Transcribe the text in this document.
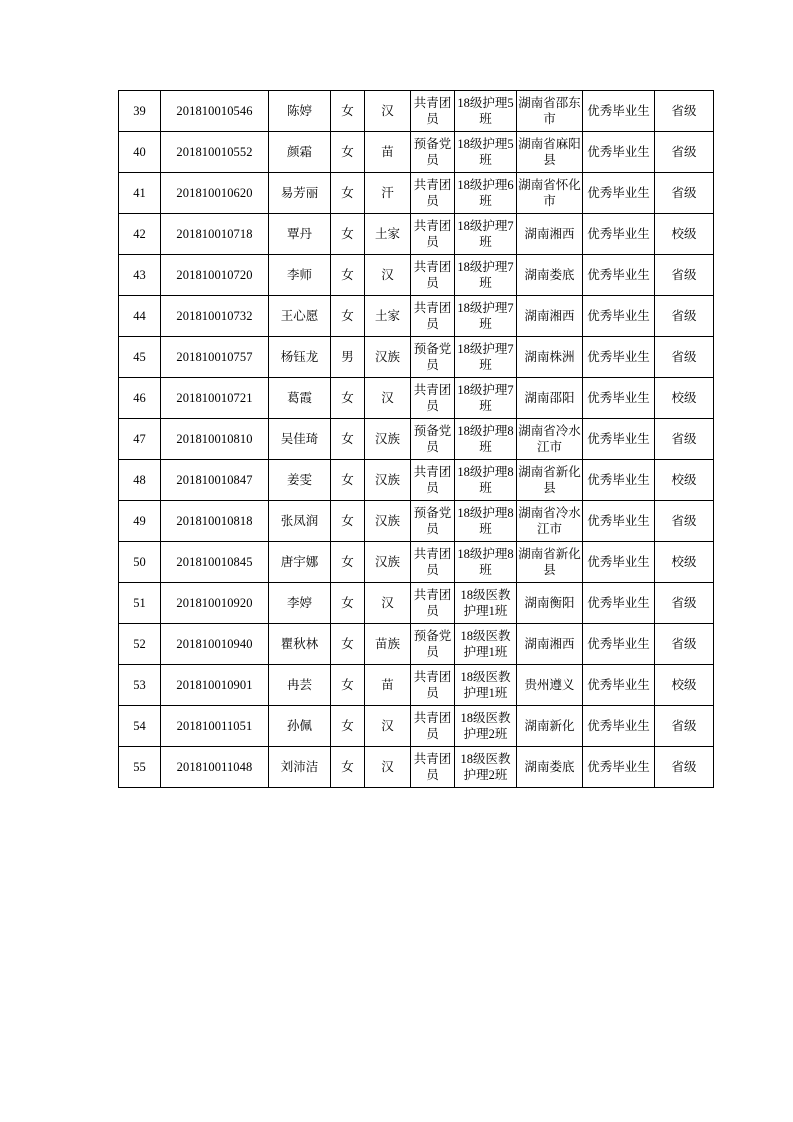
39	201810010546	陈婷	女	汉	共青团员	18级护理5班	湖南省邵东市	优秀毕业生	省级
40	201810010552	颜霜	女	苗	预备党员	18级护理5班	湖南省麻阳县	优秀毕业生	省级
41	201810010620	易芳丽	女	汗	共青团员	18级护理6班	湖南省怀化市	优秀毕业生	省级
42	201810010718	覃丹	女	土家	共青团员	18级护理7班	湖南湘西	优秀毕业生	校级
43	201810010720	李师	女	汉	共青团员	18级护理7班	湖南娄底	优秀毕业生	省级
44	201810010732	王心愿	女	土家	共青团员	18级护理7班	湖南湘西	优秀毕业生	省级
45	201810010757	杨钰龙	男	汉族	预备党员	18级护理7班	湖南株洲	优秀毕业生	省级
46	201810010721	葛霞	女	汉	共青团员	18级护理7班	湖南邵阳	优秀毕业生	校级
47	201810010810	吴佳琦	女	汉族	预备党员	18级护理8班	湖南省冷水江市	优秀毕业生	省级
48	201810010847	姜雯	女	汉族	共青团员	18级护理8班	湖南省新化县	优秀毕业生	校级
49	201810010818	张凤润	女	汉族	预备党员	18级护理8班	湖南省冷水江市	优秀毕业生	省级
50	201810010845	唐宇娜	女	汉族	共青团员	18级护理8班	湖南省新化县	优秀毕业生	校级
51	201810010920	李婷	女	汉	共青团员	18级医教护理1班	湖南衡阳	优秀毕业生	省级
52	201810010940	瞿秋林	女	苗族	预备党员	18级医教护理1班	湖南湘西	优秀毕业生	省级
53	201810010901	冉芸	女	苗	共青团员	18级医教护理1班	贵州遵义	优秀毕业生	校级
54	201810011051	孙佩	女	汉	共青团员	18级医教护理2班	湖南新化	优秀毕业生	省级
55	201810011048	刘沛洁	女	汉	共青团员	18级医教护理2班	湖南娄底	优秀毕业生	省级
